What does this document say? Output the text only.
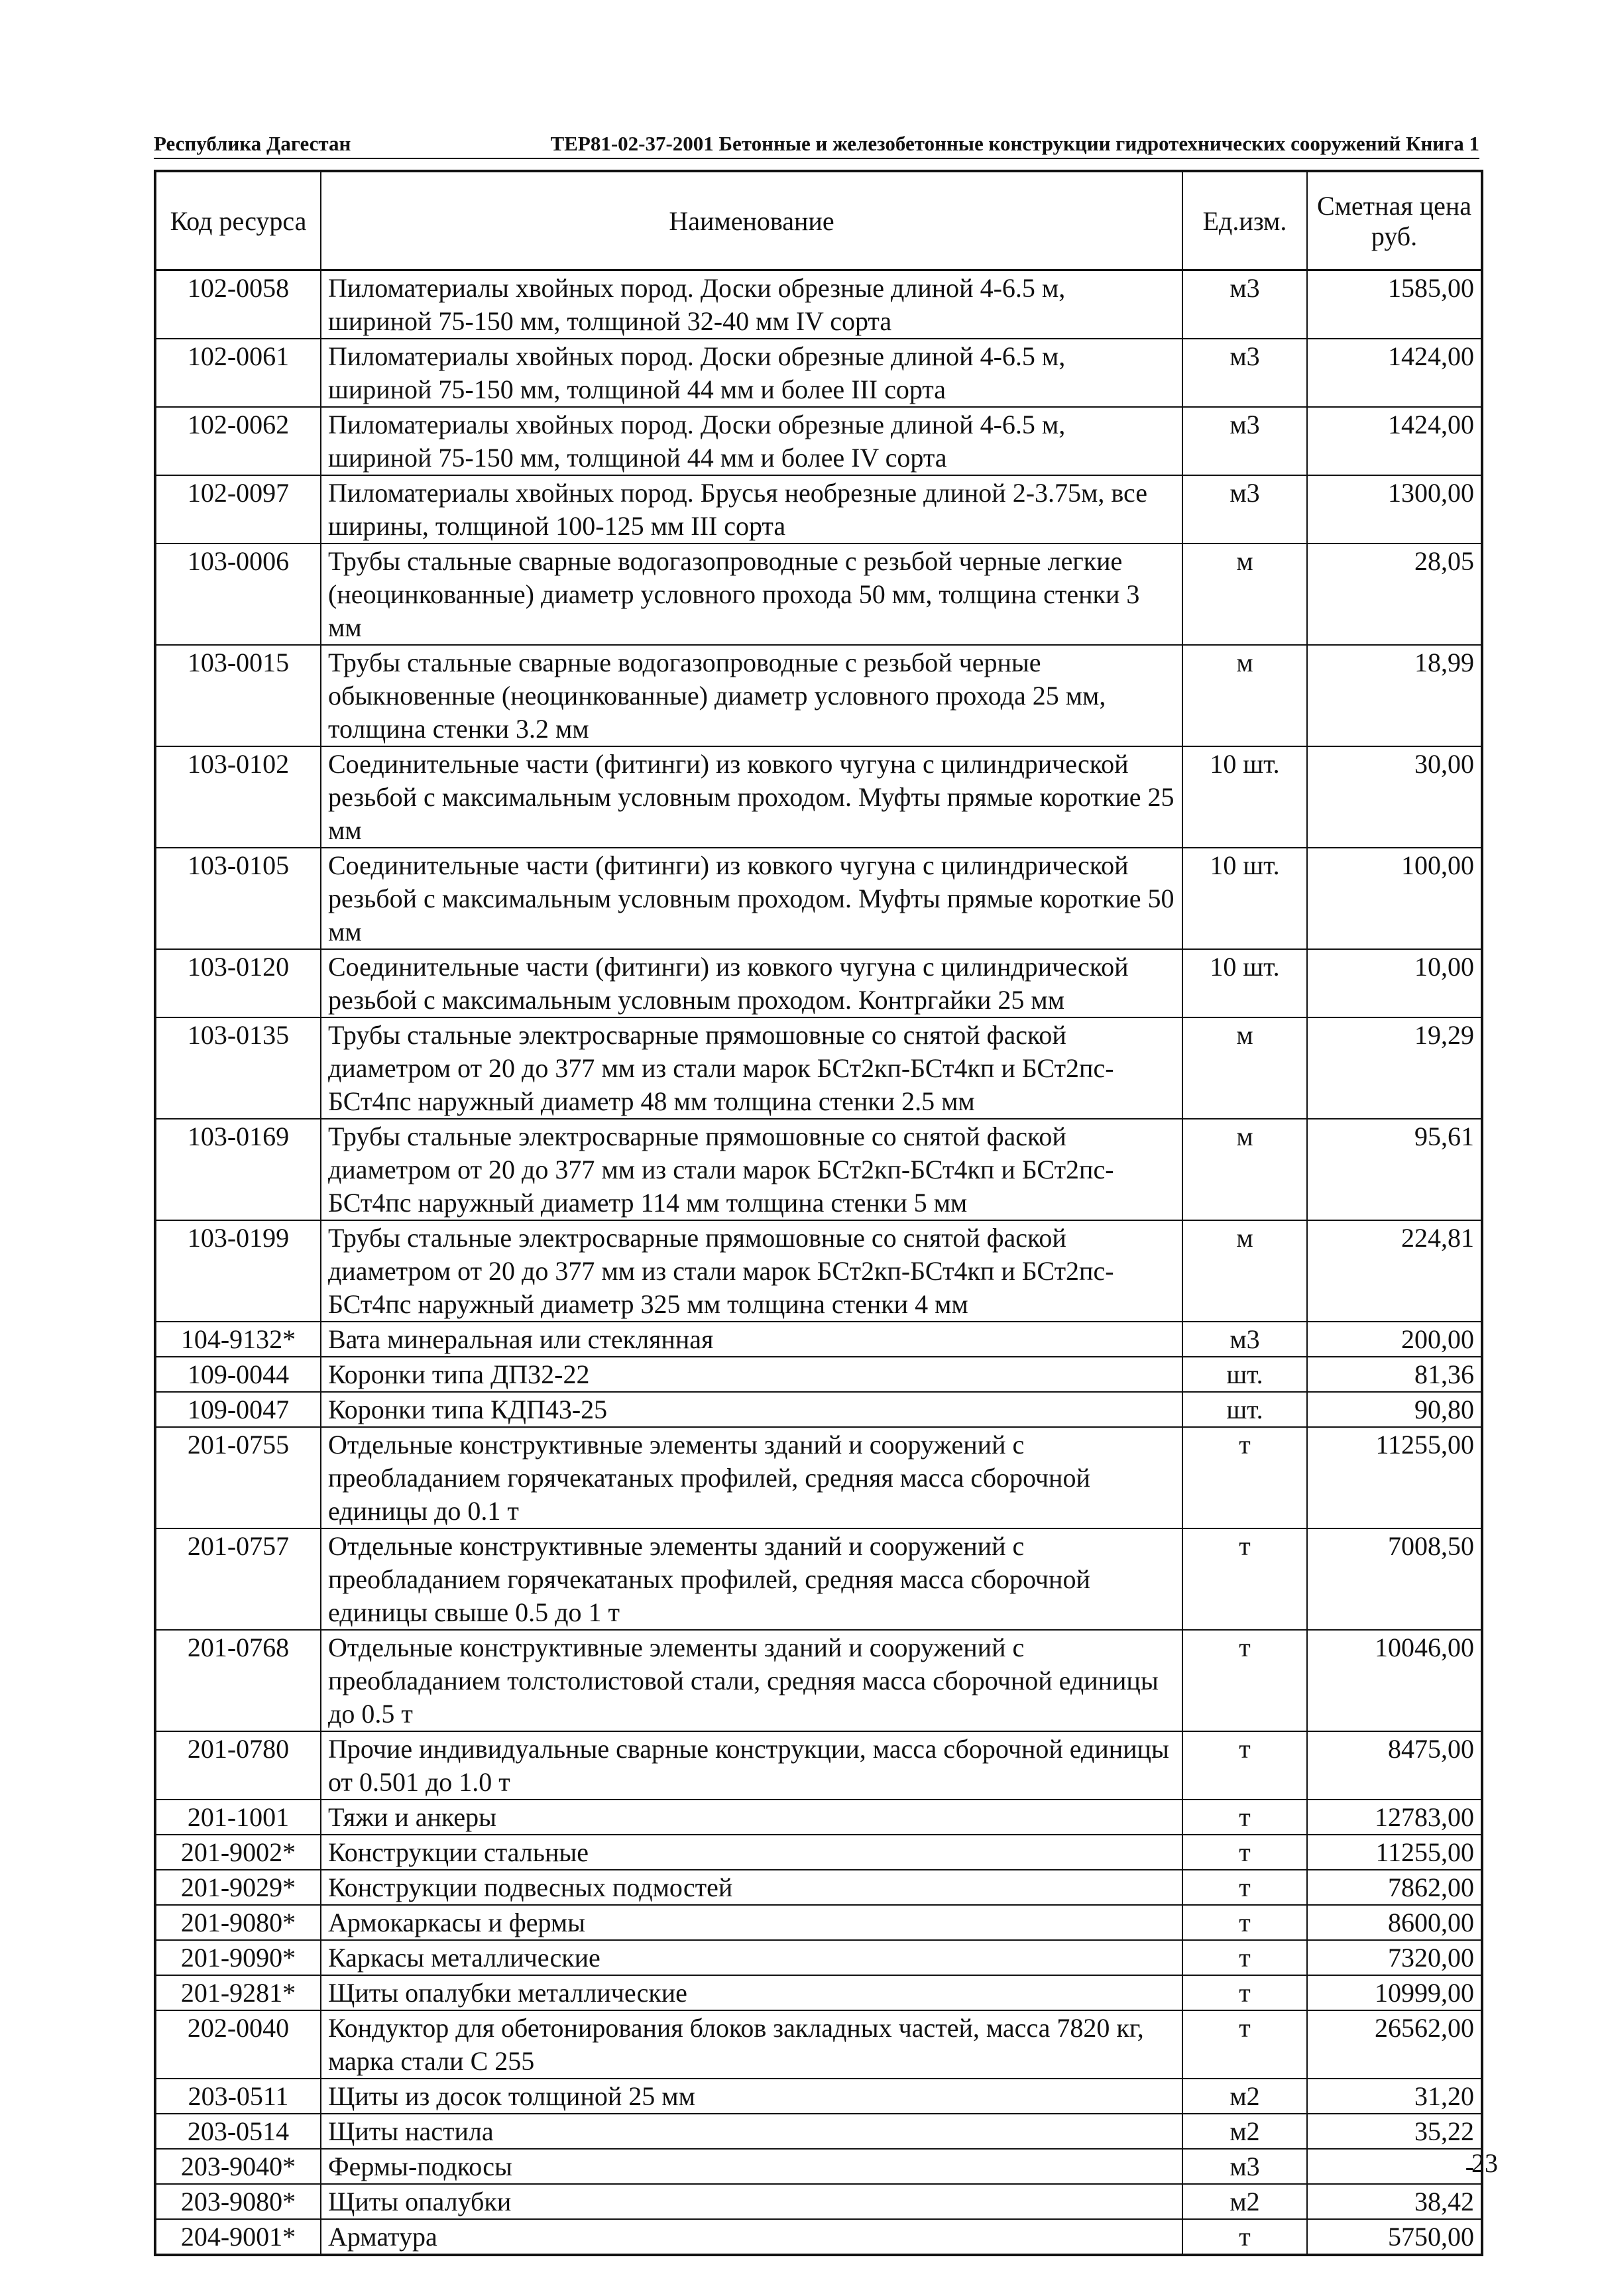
Республика Дагестан	ТЕР81-02-37-2001 Бетонные и железобетонные конструкции гидротехнических сооружений Книга 1
Код ресурса	Наименование	Ед.изм.	Сметная цена
руб.
102-0058	Пиломатериалы хвойных пород. Доски обрезные длиной 4-6.5 м, шириной 75-150 мм, толщиной 32-40 мм IV сорта	м3	1585,00
102-0061	Пиломатериалы хвойных пород. Доски обрезные длиной 4-6.5 м, шириной 75-150 мм, толщиной 44 мм и более III сорта	м3	1424,00
102-0062	Пиломатериалы хвойных пород. Доски обрезные длиной 4-6.5 м, шириной 75-150 мм, толщиной 44 мм и более IV сорта	м3	1424,00
102-0097	Пиломатериалы хвойных пород. Брусья необрезные длиной 2-3.75м, все ширины, толщиной 100-125 мм III сорта	м3	1300,00
103-0006	Трубы стальные сварные водогазопроводные с резьбой черные легкие (неоцинкованные) диаметр условного прохода 50 мм, толщина стенки 3 мм	м	28,05
103-0015	Трубы стальные сварные водогазопроводные с резьбой черные обыкновенные (неоцинкованные) диаметр условного прохода 25 мм, толщина стенки 3.2 мм	м	18,99
103-0102	Соединительные части (фитинги) из ковкого чугуна с цилиндрической резьбой с максимальным условным проходом. Муфты прямые короткие 25 мм	10 шт.	30,00
103-0105	Соединительные части (фитинги) из ковкого чугуна с цилиндрической резьбой с максимальным условным проходом. Муфты прямые короткие 50 мм	10 шт.	100,00
103-0120	Соединительные части (фитинги) из ковкого чугуна с цилиндрической резьбой с максимальным условным проходом. Контргайки 25 мм	10 шт.	10,00
103-0135	Трубы стальные электросварные прямошовные со снятой фаской диаметром от 20 до 377 мм из стали марок БСт2кп-БСт4кп и БСт2пс-БСт4пс наружный диаметр 48 мм толщина стенки 2.5 мм	м	19,29
103-0169	Трубы стальные электросварные прямошовные со снятой фаской диаметром от 20 до 377 мм из стали марок БСт2кп-БСт4кп и БСт2пс-БСт4пс наружный диаметр 114 мм толщина стенки 5 мм	м	95,61
103-0199	Трубы стальные электросварные прямошовные со снятой фаской диаметром от 20 до 377 мм из стали марок БСт2кп-БСт4кп и БСт2пс-БСт4пс наружный диаметр 325 мм толщина стенки 4 мм	м	224,81
104-9132*	Вата минеральная или стеклянная	м3	200,00
109-0044	Коронки типа ДП32-22	шт.	81,36
109-0047	Коронки типа КДП43-25	шт.	90,80
201-0755	Отдельные конструктивные элементы зданий и сооружений с преобладанием горячекатаных профилей, средняя масса сборочной единицы до 0.1 т	т	11255,00
201-0757	Отдельные конструктивные элементы зданий и сооружений с преобладанием горячекатаных профилей, средняя масса сборочной единицы свыше 0.5 до 1 т	т	7008,50
201-0768	Отдельные конструктивные элементы зданий и сооружений с преобладанием толстолистовой стали, средняя масса сборочной единицы до 0.5 т	т	10046,00
201-0780	Прочие индивидуальные сварные конструкции, масса сборочной единицы от 0.501 до 1.0 т	т	8475,00
201-1001	Тяжи и анкеры	т	12783,00
201-9002*	Конструкции стальные	т	11255,00
201-9029*	Конструкции подвесных подмостей	т	7862,00
201-9080*	Армокаркасы и фермы	т	8600,00
201-9090*	Каркасы металлические	т	7320,00
201-9281*	Щиты опалубки металлические	т	10999,00
202-0040	Кондуктор для обетонирования блоков закладных частей, масса 7820 кг, марка стали С 255	т	26562,00
203-0511	Щиты из досок толщиной 25 мм	м2	31,20
203-0514	Щиты настила	м2	35,22
203-9040*	Фермы-подкосы	м3	-
203-9080*	Щиты опалубки	м2	38,42
204-9001*	Арматура	т	5750,00
23
